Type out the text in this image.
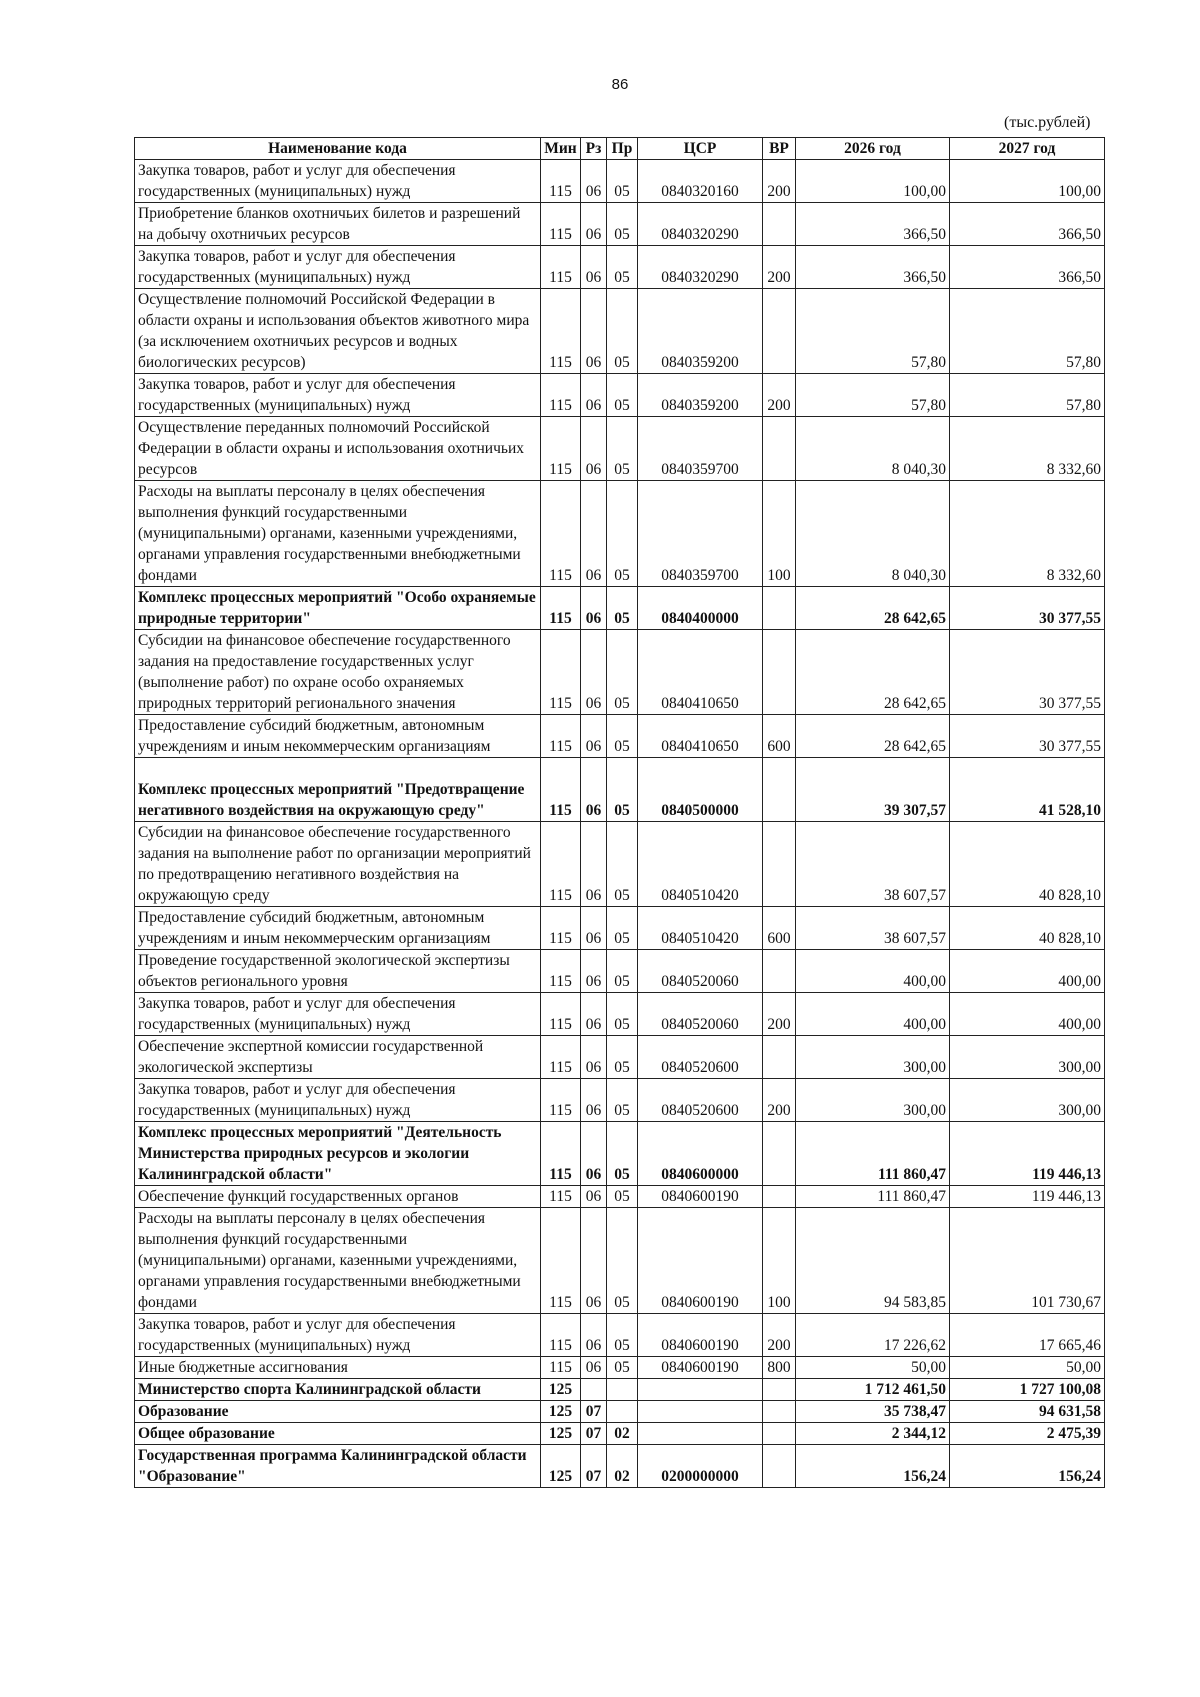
86
(тыс.рублей)
Наименование кода	Мин	Рз	Пр	ЦСР	ВР	2026 год	2027 год
Закупка товаров, работ и услуг для обеспечения государственных (муниципальных) нужд	115	06	05	0840320160	200	100,00	100,00
Приобретение бланков охотничьих билетов и разрешений на добычу охотничьих ресурсов	115	06	05	0840320290		366,50	366,50
Закупка товаров, работ и услуг для обеспечения государственных (муниципальных) нужд	115	06	05	0840320290	200	366,50	366,50
Осуществление полномочий Российской Федерации в области охраны и использования объектов животного мира (за исключением охотничьих ресурсов и водных биологических ресурсов)	115	06	05	0840359200		57,80	57,80
Закупка товаров, работ и услуг для обеспечения государственных (муниципальных) нужд	115	06	05	0840359200	200	57,80	57,80
Осуществление переданных полномочий Российской Федерации в области охраны и использования охотничьих ресурсов	115	06	05	0840359700		8 040,30	8 332,60
Расходы на выплаты персоналу в целях обеспечения выполнения функций государственными (муниципальными) органами, казенными учреждениями, органами управления государственными внебюджетными фондами	115	06	05	0840359700	100	8 040,30	8 332,60
Комплекс процессных мероприятий "Особо охраняемые природные территории"	115	06	05	0840400000		28 642,65	30 377,55
Субсидии на финансовое обеспечение государственного задания на предоставление государственных услуг (выполнение работ) по охране особо охраняемых природных территорий регионального значения	115	06	05	0840410650		28 642,65	30 377,55
Предоставление субсидий бюджетным, автономным учреждениям и иным некоммерческим организациям	115	06	05	0840410650	600	28 642,65	30 377,55
Комплекс процессных мероприятий "Предотвращение негативного воздействия на окружающую среду"	115	06	05	0840500000		39 307,57	41 528,10
Субсидии на финансовое обеспечение государственного задания на выполнение работ по организации мероприятий по предотвращению негативного воздействия на окружающую среду	115	06	05	0840510420		38 607,57	40 828,10
Предоставление субсидий бюджетным, автономным учреждениям и иным некоммерческим организациям	115	06	05	0840510420	600	38 607,57	40 828,10
Проведение государственной экологической экспертизы объектов регионального уровня	115	06	05	0840520060		400,00	400,00
Закупка товаров, работ и услуг для обеспечения государственных (муниципальных) нужд	115	06	05	0840520060	200	400,00	400,00
Обеспечение экспертной комиссии государственной экологической экспертизы	115	06	05	0840520600		300,00	300,00
Закупка товаров, работ и услуг для обеспечения государственных (муниципальных) нужд	115	06	05	0840520600	200	300,00	300,00
Комплекс процессных мероприятий "Деятельность Министерства природных ресурсов и экологии Калининградской области"	115	06	05	0840600000		111 860,47	119 446,13
Обеспечение функций государственных органов	115	06	05	0840600190		111 860,47	119 446,13
Расходы на выплаты персоналу в целях обеспечения выполнения функций государственными (муниципальными) органами, казенными учреждениями, органами управления государственными внебюджетными фондами	115	06	05	0840600190	100	94 583,85	101 730,67
Закупка товаров, работ и услуг для обеспечения государственных (муниципальных) нужд	115	06	05	0840600190	200	17 226,62	17 665,46
Иные бюджетные ассигнования	115	06	05	0840600190	800	50,00	50,00
Министерство спорта Калининградской области	125					1 712 461,50	1 727 100,08
Образование	125	07				35 738,47	94 631,58
Общее образование	125	07	02			2 344,12	2 475,39
Государственная программа Калининградской области "Образование"	125	07	02	0200000000		156,24	156,24
